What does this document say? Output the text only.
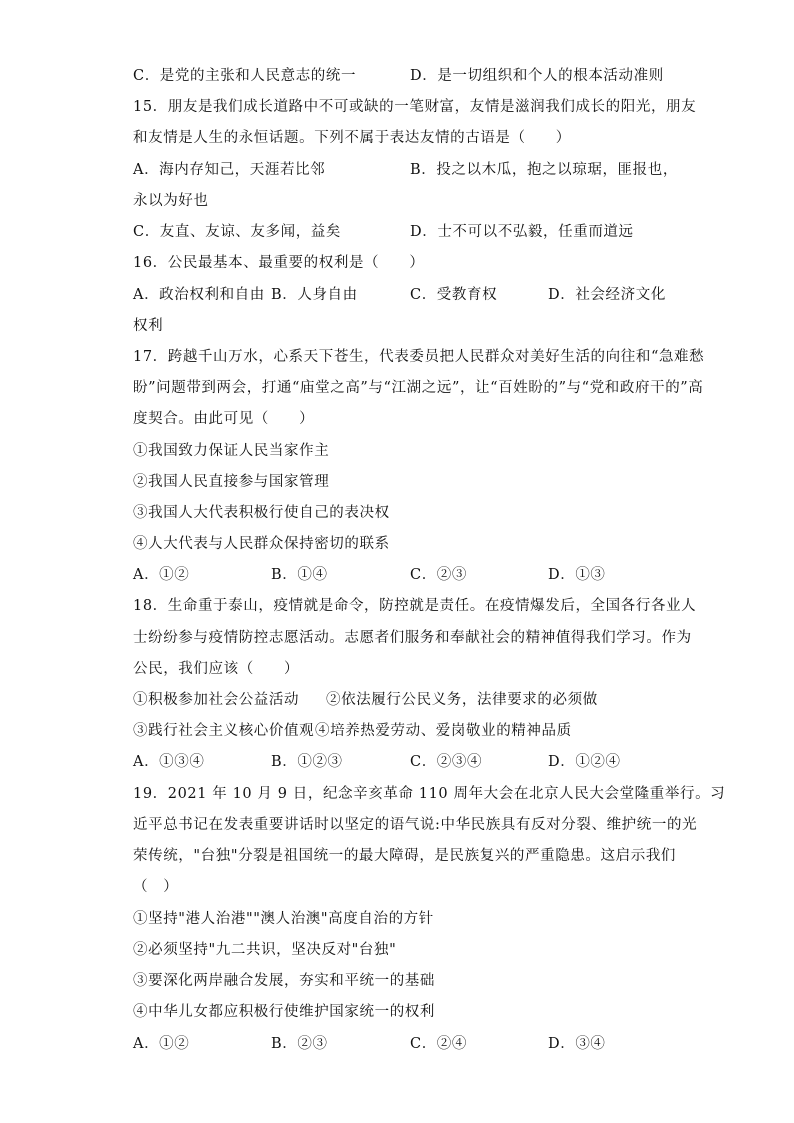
C．是党的主张和人民意志的统一	D．是一切组织和个人的根本活动准则
15．朋友是我们成长道路中不可或缺的一笔财富，友情是滋润我们成长的阳光，朋友
和友情是人生的永恒话题。下列不属于表达友情的古语是（　　）
A．海内存知己，天涯若比邻	B．投之以木瓜，抱之以琼琚，匪报也，
永以为好也
C．友直、友谅、友多闻，益矣	D．士不可以不弘毅，任重而道远
16．公民最基本、最重要的权利是（　　）
A．政治权利和自由 B．人身自由	C．受教育权	D．社会经济文化
权利
17．跨越千山万水，心系天下苍生，代表委员把人民群众对美好生活的向往和“急难愁
盼”问题带到两会，打通“庙堂之高”与“江湖之远”，让“百姓盼的”与“党和政府干的”高
度契合。由此可见（　　）
①我国致力保证人民当家作主
②我国人民直接参与国家管理
③我国人大代表积极行使自己的表决权
④人大代表与人民群众保持密切的联系
A．①②	B．①④	C．②③	D．①③
18．生命重于泰山，疫情就是命令，防控就是责任。在疫情爆发后，全国各行各业人
士纷纷参与疫情防控志愿活动。志愿者们服务和奉献社会的精神值得我们学习。作为
公民，我们应该（　　）
①积极参加社会公益活动 ②依法履行公民义务，法律要求的必须做
③践行社会主义核心价值观 ④培养热爱劳动、爱岗敬业的精神品质
A．①③④	B．①②③	C．②③④	D．①②④
19．2021 年 10 月 9 日，纪念辛亥革命 110 周年大会在北京人民大会堂隆重举行。习
近平总书记在发表重要讲话时以坚定的语气说:中华民族具有反对分裂、维护统一的光
荣传统，"台独"分裂是祖国统一的最大障碍，是民族复兴的严重隐患。这启示我们
（　）
①坚持"港人治港""澳人治澳"高度自治的方针
②必须坚持"九二共识，坚决反对"台独"
③要深化两岸融合发展，夯实和平统一的基础
④中华儿女都应积极行使维护国家统一的权利
A．①②	B．②③	C．②④	D．③④
